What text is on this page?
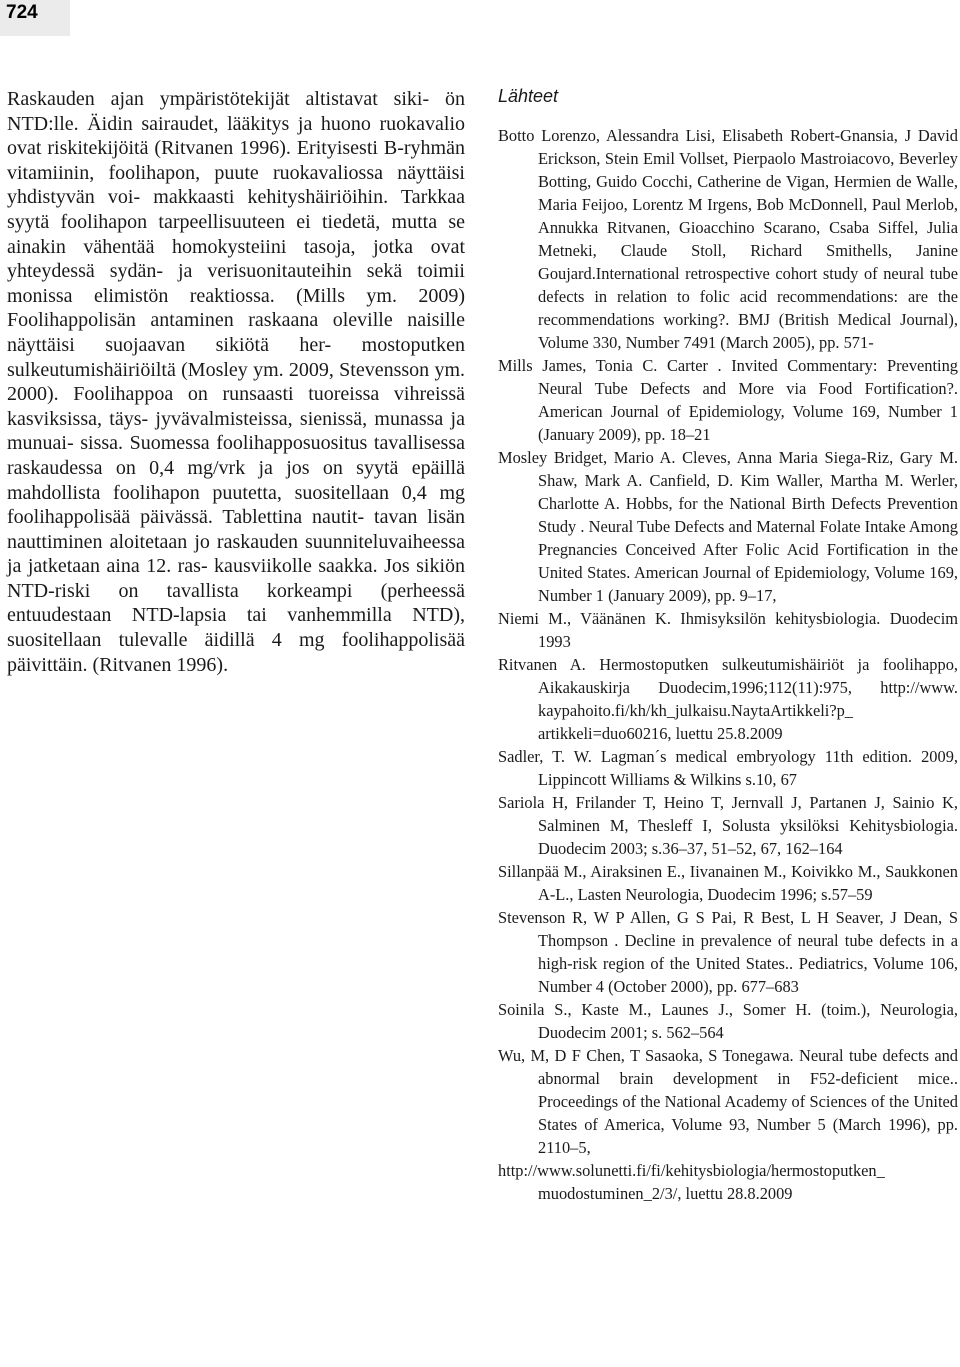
724

Raskauden ajan ympäristötekijät altistavat siki- ön NTD:lle. Äidin sairaudet, lääkitys ja huono ruokavalio ovat riskitekijöitä (Ritvanen 1996). Erityisesti B-ryhmän vitamiinin, foolihapon, puute ruokavaliossa näyttäisi yhdistyvän voi- makkaasti kehityshäiriöihin. Tarkkaa syytä foolihapon tarpeellisuuteen ei tiedetä, mutta se ainakin vähentää homokysteiini tasoja, jotka ovat yhteydessä sydän- ja verisuonitauteihin sekä toimii monissa elimistön reaktiossa. (Mills ym. 2009) Foolihappolisän antaminen raskaana oleville naisille näyttäisi suojaavan sikiötä her- mostoputken sulkeutumishäiriöiltä (Mosley ym. 2009, Stevensson ym. 2000). Foolihappoa on runsaasti tuoreissa vihreissä kasviksissa, täys- jyvävalmisteissa, sienissä, munassa ja munuai- sissa. Suomessa foolihapposuositus tavallisessa raskaudessa on 0,4 mg/vrk ja jos on syytä epäillä mahdollista foolihapon puutetta, suositellaan 0,4 mg foolihappolisää päivässä. Tablettina nautit- tavan lisän nauttiminen aloitetaan jo raskauden suunniteluvaiheessa ja jatketaan aina 12. ras- kausviikolle saakka. Jos sikiön NTD-riski on tavallista korkeampi (perheessä entuudestaan NTD-lapsia tai vanhemmilla NTD), suositellaan tulevalle äidillä 4 mg foolihappolisää päivittäin. (Ritvanen 1996).

Lähteet
Botto Lorenzo, Alessandra Lisi, Elisabeth Robert-Gnansia, J David Erickson, Stein Emil Vollset, Pierpaolo Mastroiacovo, Beverley Botting, Guido Cocchi, Catherine de Vigan, Hermien de Walle, Maria Feijoo, Lorentz M Irgens, Bob McDonnell, Paul Merlob, Annukka Ritvanen, Gioacchino Scarano, Csaba Siffel, Julia Metneki, Claude Stoll, Richard Smithells, Janine Goujard.International retrospective cohort study of neural tube defects in relation to folic acid recommendations: are the recommendations working?. BMJ (British Medical Journal), Volume 330, Number 7491 (March 2005), pp. 571-
Mills James, Tonia C. Carter . Invited Commentary: Preventing Neural Tube Defects and More via Food Fortification?. American Journal of Epidemiology, Volume 169, Number 1 (January 2009), pp. 18–21
Mosley Bridget, Mario A. Cleves, Anna Maria Siega-Riz, Gary M. Shaw, Mark A. Canfield, D. Kim Waller, Martha M. Werler, Charlotte A. Hobbs, for the National Birth Defects Prevention Study . Neural Tube Defects and Maternal Folate Intake Among Pregnancies Conceived After Folic Acid Fortification in the United States. American Journal of Epidemiology, Volume 169, Number 1 (January 2009), pp. 9–17,
Niemi M., Väänänen K. Ihmisyksilön kehitysbiologia. Duodecim 1993
Ritvanen A. Hermostoputken sulkeutumishäiriöt ja foolihappo, Aikakauskirja Duodecim,1996;112(11):975, http://www. kaypahoito.fi/kh/kh_julkaisu.NaytaArtikkeli?p_ artikkeli=duo60216, luettu 25.8.2009
Sadler, T. W. Lagman´s medical embryology 11th edition. 2009, Lippincott Williams & Wilkins s.10, 67
Sariola H, Frilander T, Heino T, Jernvall J, Partanen J, Sainio K, Salminen M, Thesleff I, Solusta yksilöksi Kehitysbiologia. Duodecim 2003; s.36–37, 51–52, 67, 162–164
Sillanpää M., Airaksinen E., Iivanainen M., Koivikko M., Saukkonen A-L., Lasten Neurologia, Duodecim 1996; s.57–59
Stevenson R, W P Allen, G S Pai, R Best, L H Seaver, J Dean, S Thompson . Decline in prevalence of neural tube defects in a high-risk region of the United States.. Pediatrics, Volume 106, Number 4 (October 2000), pp. 677–683
Soinila S., Kaste M., Launes J., Somer H. (toim.), Neurologia, Duodecim 2001; s. 562–564
Wu, M, D F Chen, T Sasaoka, S Tonegawa. Neural tube defects and abnormal brain development in F52-deficient mice.. Proceedings of the National Academy of Sciences of the United States of America, Volume 93, Number 5 (March 1996), pp. 2110–5,
http://www.solunetti.fi/fi/kehitysbiologia/hermostoputken_ muodostuminen_2/3/, luettu 28.8.2009
